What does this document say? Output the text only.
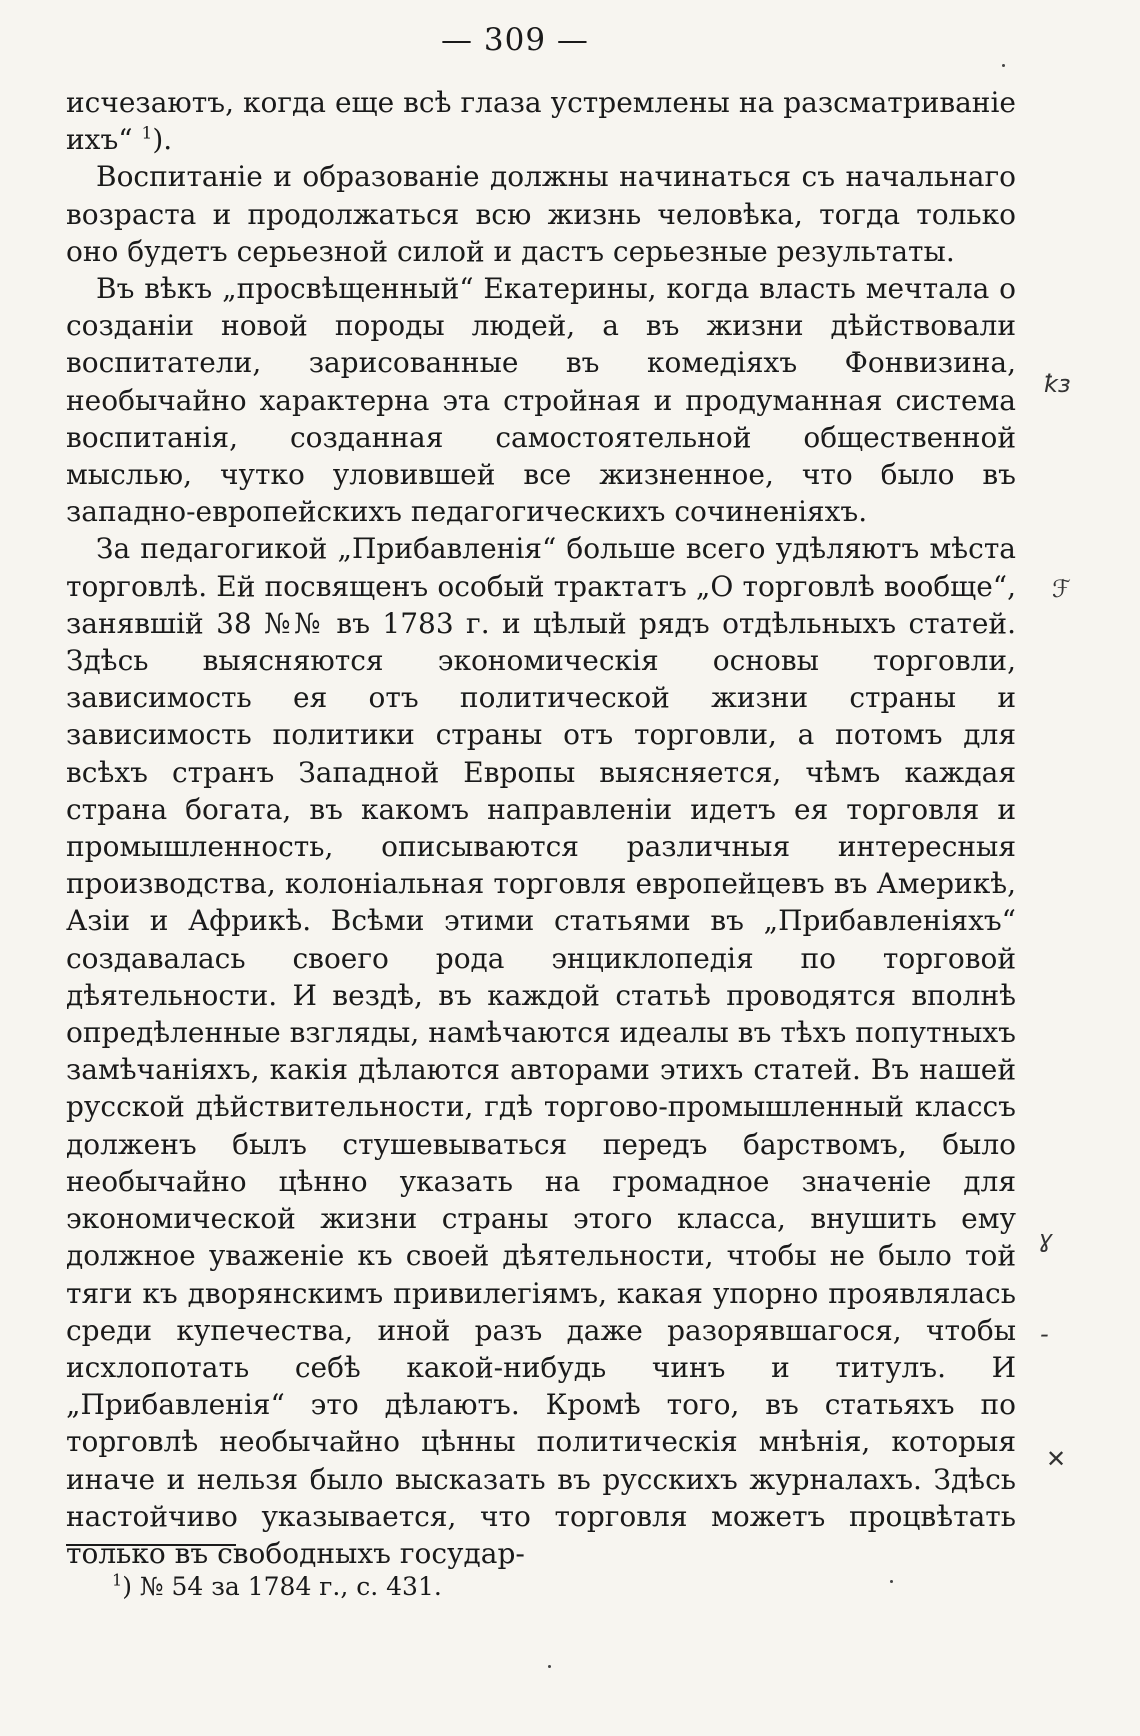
— 309 —

исчезаютъ, когда еще всѣ глаза устремлены на разсматриваніе ихъ“ $^1$).

Воспитаніе и образованіе должны начинаться съ начальнаго возраста и продолжаться всю жизнь человѣка, тогда только оно будетъ серьезной силой и дастъ серьезные результаты.

Въ вѣкъ „просвѣщенный“ Екатерины, когда власть мечтала о созданіи новой породы людей, а въ жизни дѣйствовали воспитатели, зарисованные въ комедіяхъ Фонвизина, необычайно характерна эта стройная и продуманная система воспитанія, созданная самостоятельной общественной мыслью, чутко уловившей все жизненное, что было въ западно-европейскихъ педагогическихъ сочиненіяхъ.

За педагогикой „Прибавленія“ больше всего удѣляютъ мѣста торговлѣ. Ей посвященъ особый трактатъ „О торговлѣ вообще“, занявшій 38 №№ въ 1783 г. и цѣлый рядъ отдѣльныхъ статей. Здѣсь выясняются экономическія основы торговли, зависимость ея отъ политической жизни страны и зависимость политики страны отъ торговли, а потомъ для всѣхъ странъ Западной Европы выясняется, чѣмъ каждая страна богата, въ какомъ направленіи идетъ ея торговля и промышленность, описываются различныя интересныя производства, колоніальная торговля европейцевъ въ Америкѣ, Азіи и Африкѣ. Всѣми этими статьями въ „Прибавленіяхъ“ создавалась своего рода энциклопедія по торговой дѣятельности. И вездѣ, въ каждой статьѣ проводятся вполнѣ опредѣленные взгляды, намѣчаются идеалы въ тѣхъ попутныхъ замѣчаніяхъ, какія дѣлаются авторами этихъ статей. Въ нашей русской дѣйствительности, гдѣ торгово-промышленный классъ долженъ былъ стушевываться передъ барствомъ, было необычайно цѣнно указать на громадное значеніе для экономической жизни страны этого класса, внушить ему должное уваженіе къ своей дѣятельности, чтобы не было той тяги къ дворянскимъ привилегіямъ, какая упорно проявлялась среди купечества, иной разъ даже разорявшагося, чтобы исхлопотать себѣ какой-нибудь чинъ и титулъ. И „Прибавленія“ это дѣлаютъ. Кромѣ того, въ статьяхъ по торговлѣ необычайно цѣнны политическія мнѣнія, которыя иначе и нельзя было высказать въ русскихъ журналахъ. Здѣсь настойчиво указывается, что торговля можетъ процвѣтать только въ свободныхъ государ-

$^1$) № 54 за 1784 г., с. 431.
ꝁз
ℱ
ɣ
-
✕
